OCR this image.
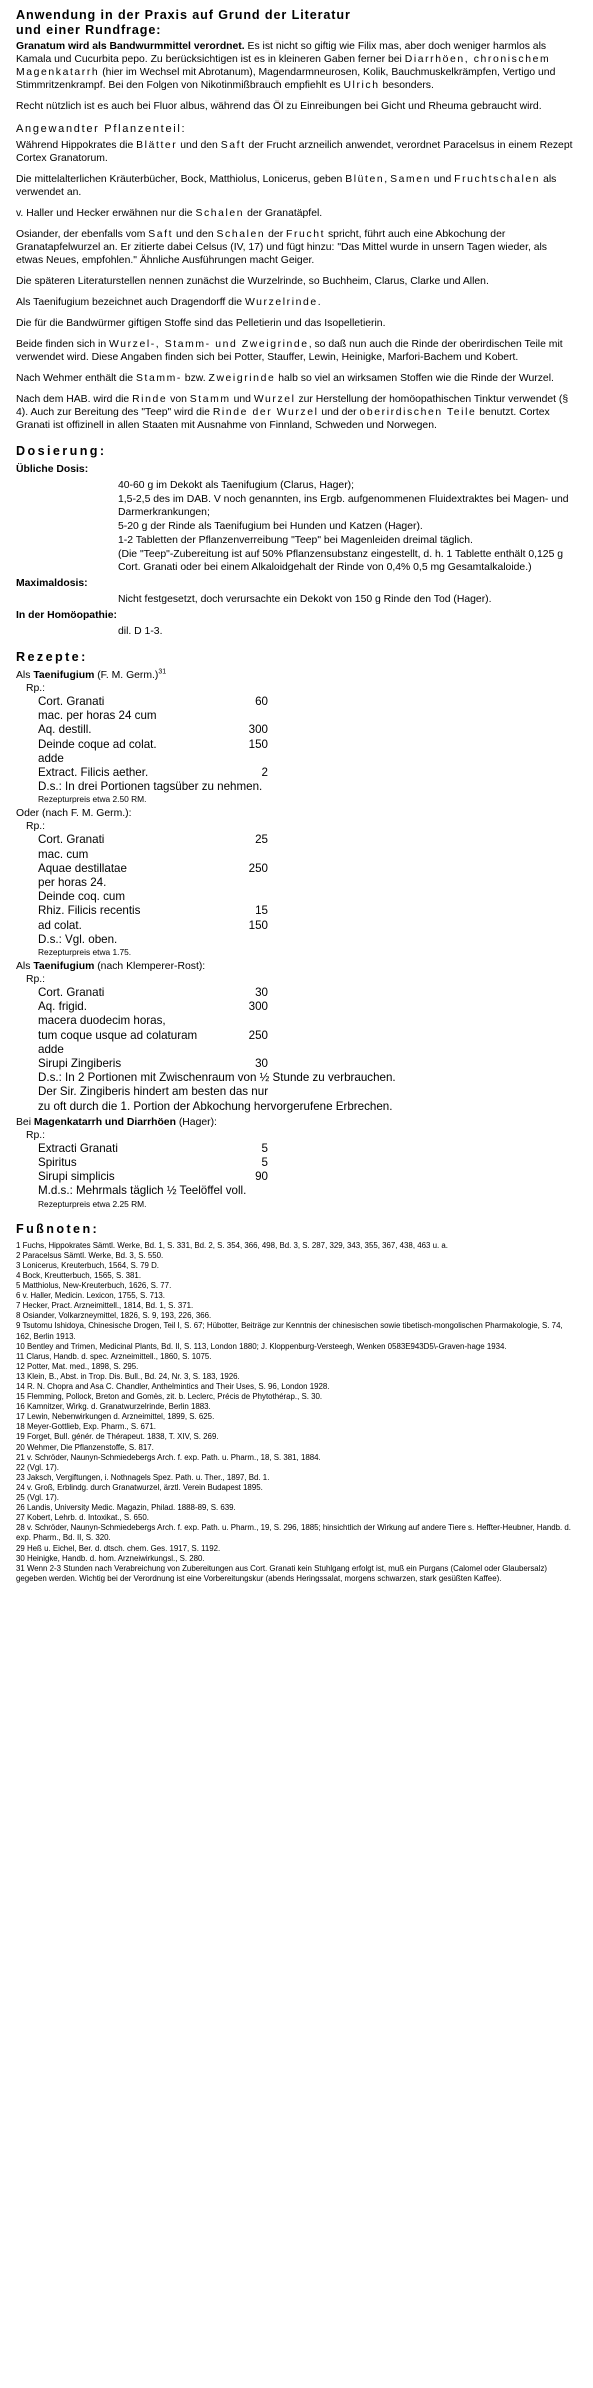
Anwendung in der Praxis auf Grund der Literatur
und einer Rundfrage:

Granatum wird als Bandwurmmittel verordnet. Es ist nicht so giftig wie Filix mas, aber doch weniger harmlos als Kamala und Cucurbita pepo. Zu berücksichtigen ist es in kleineren Gaben ferner bei Diarrhöen, chronischem Magenkatarrh (hier im Wechsel mit Abrotanum), Magendarmneurosen, Kolik, Bauchmuskelkrämpfen, Vertigo und Stimmritzenkrampf. Bei den Folgen von Nikotinmißbrauch empfiehlt es Ulrich besonders.

Recht nützlich ist es auch bei Fluor albus, während das Öl zu Einreibungen bei Gicht und Rheuma gebraucht wird.

Angewandter Pflanzenteil:

Während Hippokrates die Blätter und den Saft der Frucht arzneilich anwendet, verordnet Paracelsus in einem Rezept Cortex Granatorum.

Die mittelalterlichen Kräuterbücher, Bock, Matthiolus, Lonicerus, geben Blüten, Samen und Fruchtschalen als verwendet an.

v. Haller und Hecker erwähnen nur die Schalen der Granatäpfel.

Osiander, der ebenfalls vom Saft und den Schalen der Frucht spricht, führt auch eine Abkochung der Granatapfelwurzel an. Er zitierte dabei Celsus (IV, 17) und fügt hinzu: "Das Mittel wurde in unsern Tagen wieder, als etwas Neues, empfohlen." Ähnliche Ausführungen macht Geiger.

Die späteren Literaturstellen nennen zunächst die Wurzelrinde, so Buchheim, Clarus, Clarke und Allen.

Als Taenifugium bezeichnet auch Dragendorff die Wurzelrinde.

Die für die Bandwürmer giftigen Stoffe sind das Pelletierin und das Isopelletierin.

Beide finden sich in Wurzel-, Stamm- und Zweigrinde, so daß nun auch die Rinde der oberirdischen Teile mit verwendet wird. Diese Angaben finden sich bei Potter, Stauffer, Lewin, Heinigke, Marfori-Bachem und Kobert.

Nach Wehmer enthält die Stamm- bzw. Zweigrinde halb so viel an wirksamen Stoffen wie die Rinde der Wurzel.

Nach dem HAB. wird die Rinde von Stamm und Wurzel zur Herstellung der homöopathischen Tinktur verwendet (§ 4). Auch zur Bereitung des "Teep" wird die Rinde der Wurzel und der oberirdischen Teile benutzt. Cortex Granati ist offizinell in allen Staaten mit Ausnahme von Finnland, Schweden und Norwegen.

Dosierung:
Übliche Dosis:
40-60 g im Dekokt als Taenifugium (Clarus, Hager);
1,5-2,5 des im DAB. V noch genannten, ins Ergb. aufgenommenen Fluidextraktes bei Magen- und Darmerkrankungen;
5-20 g der Rinde als Taenifugium bei Hunden und Katzen (Hager).
1-2 Tabletten der Pflanzenverreibung "Teep" bei Magenleiden dreimal täglich.
(Die "Teep"-Zubereitung ist auf 50% Pflanzensubstanz eingestellt, d. h. 1 Tablette enthält 0,125 g Cort. Granati oder bei einem Alkaloidgehalt der Rinde von 0,4% 0,5 mg Gesamtalkaloide.)
Maximaldosis:
Nicht festgesetzt, doch verursachte ein Dekokt von 150 g Rinde den Tod (Hager).
In der Homöopathie:
dil. D 1-3.
Rezepte:
Als Taenifugium (F. M. Germ.)$^{31}$
Rp.:
Cort. Granati	60
mac. per horas 24 cum
Aq. destill.	300
Deinde coque ad colat.	150
adde
Extract. Filicis aether.	2
D.s.: In drei Portionen tagsüber zu nehmen.
Rezepturpreis etwa 2.50 RM.
Oder (nach F. M. Germ.):
Rp.:
Cort. Granati	25
mac. cum
Aquae destillatae	250
per horas 24.
Deinde coq. cum
Rhiz. Filicis recentis	15
ad colat.	150
D.s.: Vgl. oben.
Rezepturpreis etwa 1.75.
Als Taenifugium (nach Klemperer-Rost):
Rp.:
Cort. Granati	30
Aq. frigid.	300
macera duodecim horas,
tum coque usque ad colaturam	250
adde
Sirupi Zingiberis	30
D.s.: In 2 Portionen mit Zwischenraum von ½ Stunde zu verbrauchen.
Der Sir. Zingiberis hindert am besten das nur
zu oft durch die 1. Portion der Abkochung hervorgerufene Erbrechen.
Bei Magenkatarrh und Diarrhöen (Hager):
Rp.:
Extracti Granati	5
Spiritus	5
Sirupi simplicis	90
M.d.s.: Mehrmals täglich ½ Teelöffel voll.
Rezepturpreis etwa 2.25 RM.
Fußnoten:
1 Fuchs, Hippokrates Sämtl. Werke, Bd. 1, S. 331, Bd. 2, S. 354, 366, 498, Bd. 3, S. 287, 329, 343, 355, 367, 438, 463 u. a.
2 Paracelsus Sämtl. Werke, Bd. 3, S. 550.
3 Lonicerus, Kreuterbuch, 1564, S. 79 D.
4 Bock, Kreutterbuch, 1565, S. 381.
5 Matthiolus, New-Kreuterbuch, 1626, S. 77.
6 v. Haller, Medicin. Lexicon, 1755, S. 713.
7 Hecker, Pract. Arzneimittell., 1814, Bd. 1, S. 371.
8 Osiander, Volkarzneymittel, 1826, S. 9, 193, 226, 366.
9 Tsutomu Ishidoya, Chinesische Drogen, Teil I, S. 67; Hübotter, Beiträge zur Kenntnis der chinesischen sowie tibetisch-mongolischen Pharmakologie, S. 74, 162, Berlin 1913.
10 Bentley and Trimen, Medicinal Plants, Bd. II, S. 113, London 1880; J. Kloppenburg-Versteegh, Wenken 0583E943D5\-Graven-hage 1934.
11 Clarus, Handb. d. spec. Arzneimittell., 1860, S. 1075.
12 Potter, Mat. med., 1898, S. 295.
13 Klein, B., Abst. in Trop. Dis. Bull., Bd. 24, Nr. 3, S. 183, 1926.
14 R. N. Chopra and Asa C. Chandler, Anthelmintics and Their Uses, S. 96, London 1928.
15 Flemming, Pollock, Breton and Gomès, zit. b. Leclerc, Précis de Phytothérap., S. 30.
16 Kamnitzer, Wirkg. d. Granatwurzelrinde, Berlin 1883.
17 Lewin, Nebenwirkungen d. Arzneimittel, 1899, S. 625.
18 Meyer-Gottlieb, Exp. Pharm., S. 671.
19 Forget, Bull. génér. de Thérapeut. 1838, T. XIV, S. 269.
20 Wehmer, Die Pflanzenstoffe, S. 817.
21 v. Schröder, Naunyn-Schmiedebergs Arch. f. exp. Path. u. Pharm., 18, S. 381, 1884.
22 (Vgl. 17).
23 Jaksch, Vergiftungen, i. Nothnagels Spez. Path. u. Ther., 1897, Bd. 1.
24 v. Groß, Erblindg. durch Granatwurzel, ärztl. Verein Budapest 1895.
25 (Vgl. 17).
26 Landis, University Medic. Magazin, Philad. 1888-89, S. 639.
27 Kobert, Lehrb. d. Intoxikat., S. 650.
28 v. Schröder, Naunyn-Schmiedebergs Arch. f. exp. Path. u. Pharm., 19, S. 296, 1885; hinsichtlich der Wirkung auf andere Tiere s. Heffter-Heubner, Handb. d. exp. Pharm., Bd. II, S. 320.
29 Heß u. Eichel, Ber. d. dtsch. chem. Ges. 1917, S. 1192.
30 Heinigke, Handb. d. hom. Arzneiwirkungsl., S. 280.
31 Wenn 2-3 Stunden nach Verabreichung von Zubereitungen aus Cort. Granati kein Stuhlgang erfolgt ist, muß ein Purgans (Calomel oder Glaubersalz) gegeben werden. Wichtig bei der Verordnung ist eine Vorbereitungskur (abends Heringssalat, morgens schwarzen, stark gesüßten Kaffee).
